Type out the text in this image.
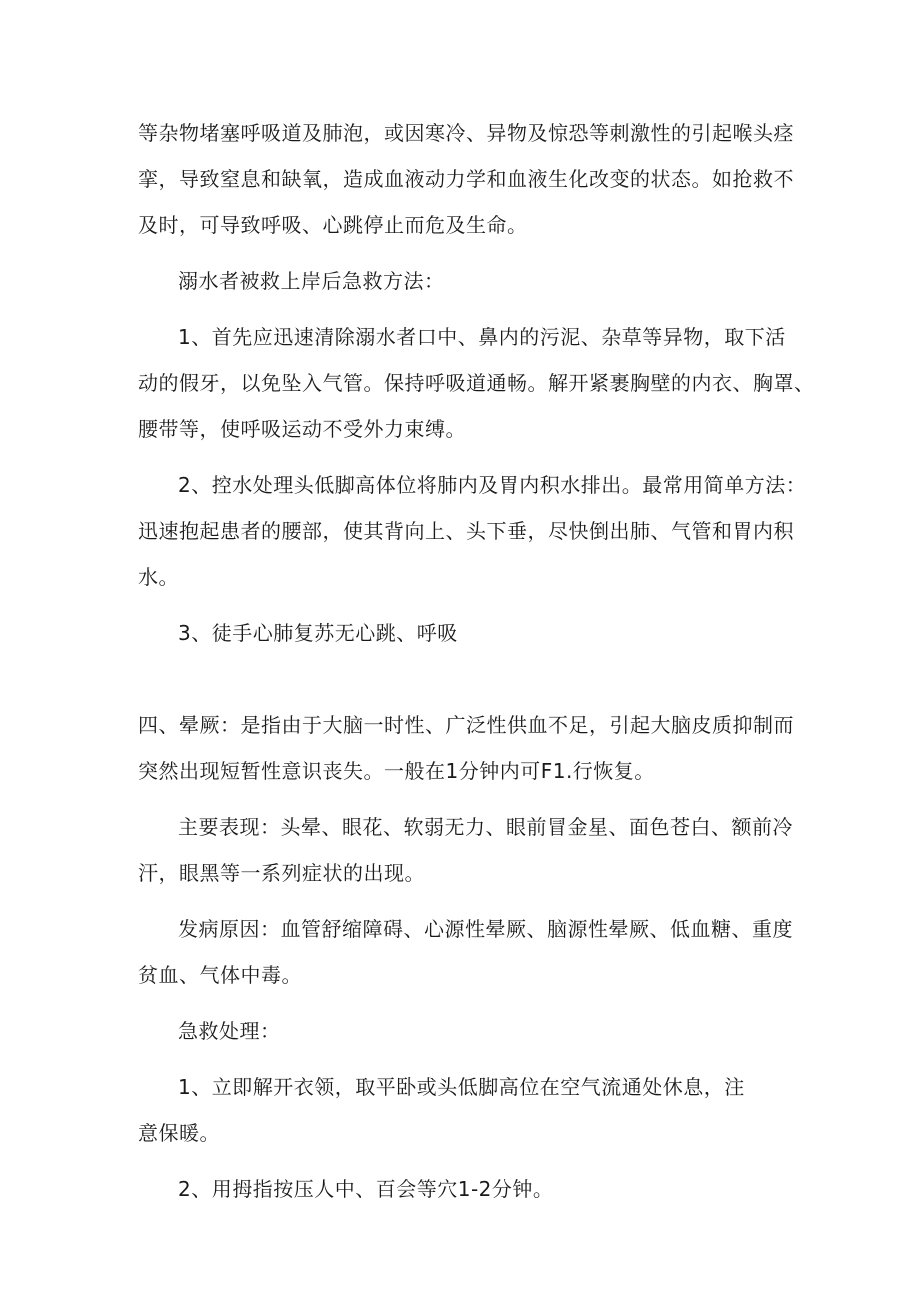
等杂物堵塞呼吸道及肺泡，或因寒冷、异物及惊恐等刺激性的引起喉头痉

挛，导致窒息和缺氧，造成血液动力学和血液生化改变的状态。如抢救不

及时，可导致呼吸、心跳停止而危及生命。

溺水者被救上岸后急救方法：

1、首先应迅速清除溺水者口中、鼻内的污泥、杂草等异物，取下活

动的假牙，以免坠入气管。保持呼吸道通畅。解开紧裹胸壁的内衣、胸罩、

腰带等，使呼吸运动不受外力束缚。

2、控水处理头低脚高体位将肺内及胃内积水排出。最常用简单方法：

迅速抱起患者的腰部，使其背向上、头下垂，尽快倒出肺、气管和胃内积

水。

3、徒手心肺复苏无心跳、呼吸

四、晕厥：是指由于大脑一时性、广泛性供血不足，引起大脑皮质抑制而

突然出现短暂性意识丧失。一般在1分钟内可F1.行恢复。

主要表现：头晕、眼花、软弱无力、眼前冒金星、面色苍白、额前冷

汗，眼黑等一系列症状的出现。

发病原因：血管舒缩障碍、心源性晕厥、脑源性晕厥、低血糖、重度

贫血、气体中毒。

急救处理：

1、立即解开衣领，取平卧或头低脚高位在空气流通处休息，注

意保暖。

2、用拇指按压人中、百会等穴1-2分钟。
